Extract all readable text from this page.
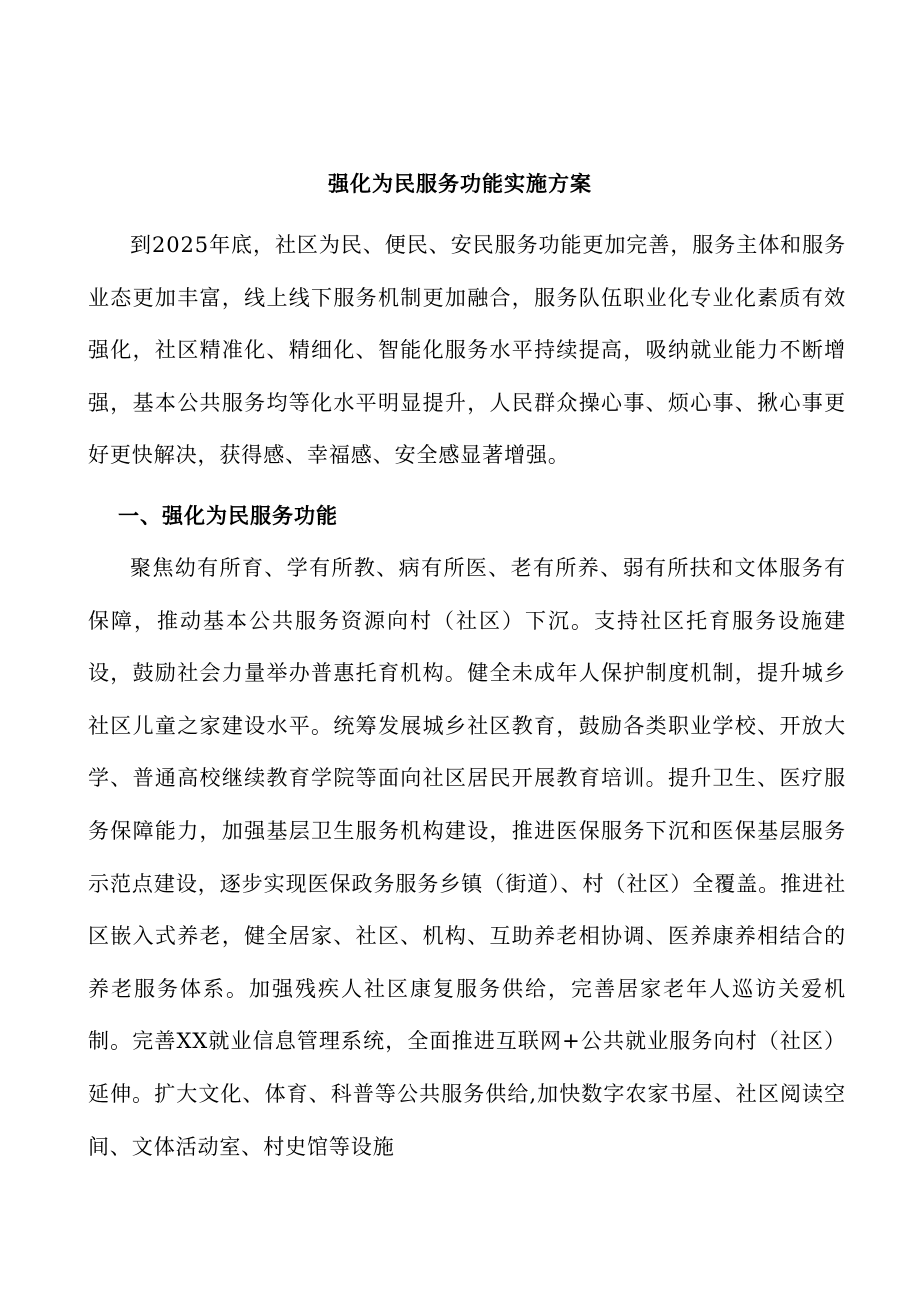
强化为民服务功能实施方案

到2025年底，社区为民、便民、安民服务功能更加完善，服务主体和服务业态更加丰富，线上线下服务机制更加融合，服务队伍职业化专业化素质有效强化，社区精准化、精细化、智能化服务水平持续提高，吸纳就业能力不断增强，基本公共服务均等化水平明显提升，人民群众操心事、烦心事、揪心事更好更快解决，获得感、幸福感、安全感显著增强。

一、强化为民服务功能

聚焦幼有所育、学有所教、病有所医、老有所养、弱有所扶和文体服务有保障，推动基本公共服务资源向村（社区）下沉。支持社区托育服务设施建设，鼓励社会力量举办普惠托育机构。健全未成年人保护制度机制，提升城乡社区儿童之家建设水平。统筹发展城乡社区教育，鼓励各类职业学校、开放大学、普通高校继续教育学院等面向社区居民开展教育培训。提升卫生、医疗服务保障能力，加强基层卫生服务机构建设，推进医保服务下沉和医保基层服务示范点建设，逐步实现医保政务服务乡镇（街道）、村（社区）全覆盖。推进社区嵌入式养老，健全居家、社区、机构、互助养老相协调、医养康养相结合的养老服务体系。加强残疾人社区康复服务供给，完善居家老年人巡访关爱机制。完善XX就业信息管理系统，全面推进互联网+公共就业服务向村（社区）延伸。扩大文化、体育、科普等公共服务供给,加快数字农家书屋、社区阅读空间、文体活动室、村史馆等设施
